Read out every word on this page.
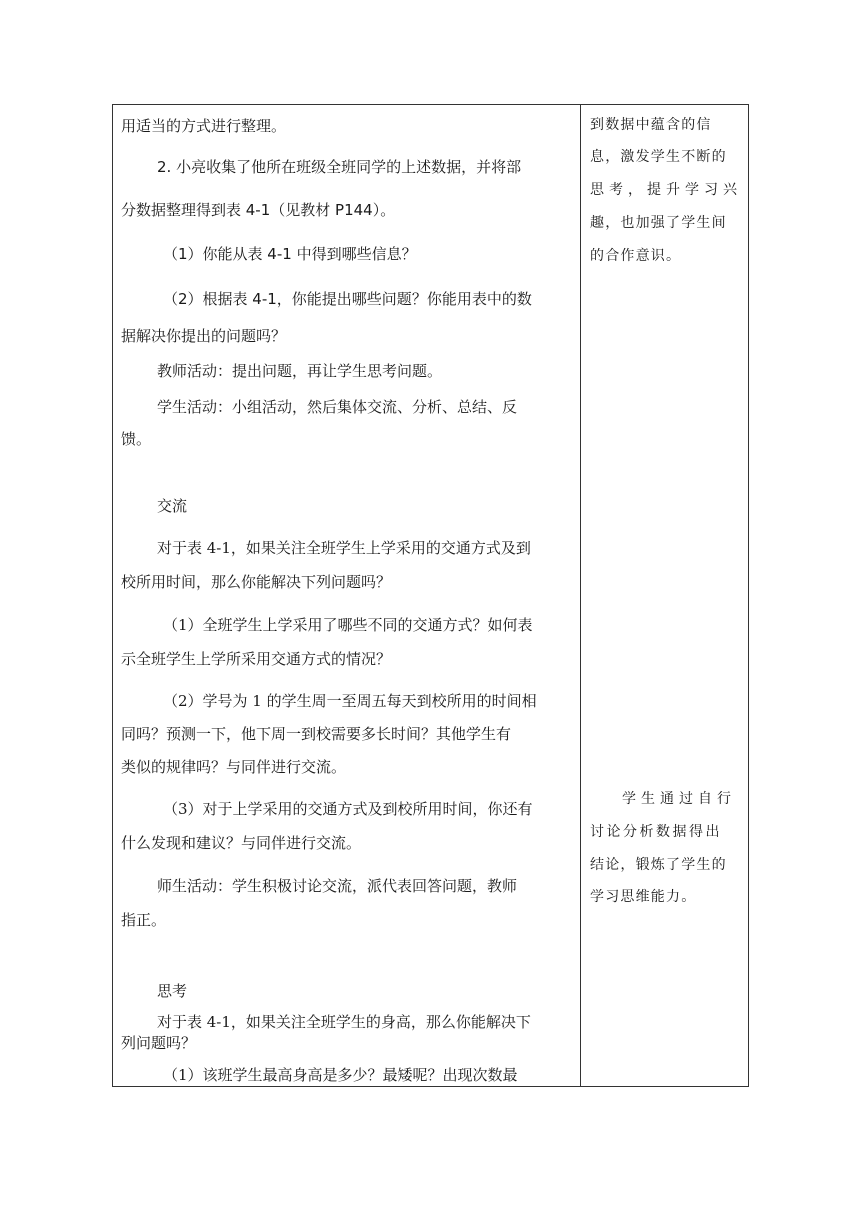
用适当的方式进行整理。
2. 小亮收集了他所在班级全班同学的上述数据，并将部
分数据整理得到表 4-1（见教材 P144）。
（1）你能从表 4-1 中得到哪些信息？
（2）根据表 4-1，你能提出哪些问题？你能用表中的数
据解决你提出的问题吗？
教师活动：提出问题，再让学生思考问题。
学生活动：小组活动，然后集体交流、分析、总结、反
馈。
交流
对于表 4-1，如果关注全班学生上学采用的交通方式及到
校所用时间，那么你能解决下列问题吗？
（1）全班学生上学采用了哪些不同的交通方式？如何表
示全班学生上学所采用交通方式的情况？
（2）学号为 1 的学生周一至周五每天到校所用的时间相
同吗？预测一下，他下周一到校需要多长时间？其他学生有
类似的规律吗？与同伴进行交流。
（3）对于上学采用的交通方式及到校所用时间，你还有
什么发现和建议？与同伴进行交流。
师生活动：学生积极讨论交流，派代表回答问题，教师
指正。
思考
对于表 4-1，如果关注全班学生的身高，那么你能解决下
列问题吗？
（1）该班学生最高身高是多少？最矮呢？出现次数最
到数据中蕴含的信
息，激发学生不断的
思考，提升学习兴
趣，也加强了学生间
的合作意识。
学生通过自行
讨论分析数据得出
结论，锻炼了学生的
学习思维能力。
